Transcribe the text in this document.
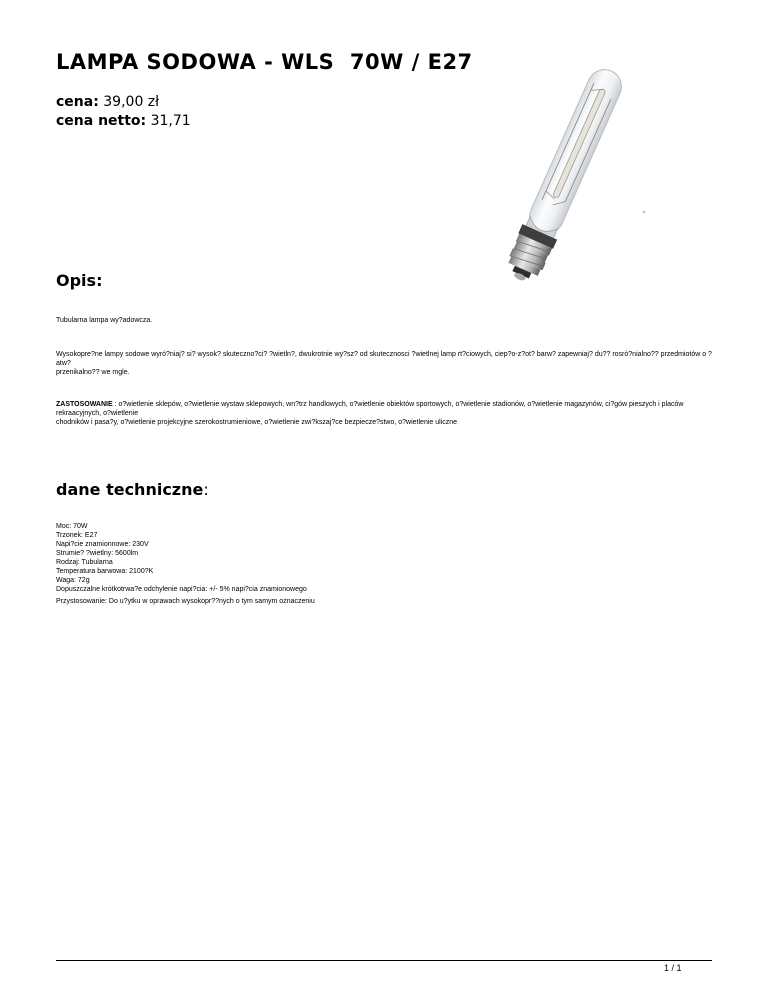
LAMPA SODOWA - WLS  70W / E27
cena: 39,00 zł
cena netto: 31,71
Opis:

Tubularna lampa wy?adowcza.

Wysokopre?ne lampy sodowe wyró?niaj? si? wysok? skuteczno?ci? ?wietln?, dwukrotnie wy?sz? od skutecznosci ?wietlnej lamp rt?ciowych, ciep?o-z?ot? barw? zapewniaj? du?? rosró?nialno?? przedmiotów o ?atw?

przenikalno?? we mgle.

ZASTOSOWANIE : o?wietlenie sklepów, o?wietlenie wystaw sklepowych, wn?trz handlowych, o?wietlenie obiektów sportowych, o?wietlenie stadionów, o?wietlenie magazynów, ci?gów pieszych i placów rekraacyjnych, o?wietlenie

chodników i pasa?y, o?wietlenie projekcyjne szerokostrumieniowe, o?wietlenie zwi?kszaj?ce bezpiecze?stwo, o?wietlenie uliczne

dane techniczne:
Moc: 70W
Trzonek: E27
Napi?cie znamionnowe: 230V
Strumie? ?wietlny: 5600lm
Rodzaj: Tubularna
Temperatura barwowa: 2100?K
Waga: 72g
Dopuszczalne krótkotrwa?e odchylenie napi?cia: +/- 5% napi?cia znamionowego

Przystosowanie: Do u?ytku w oprawach wysokopr??nych o tym samym oznaczeniu

1 / 1
